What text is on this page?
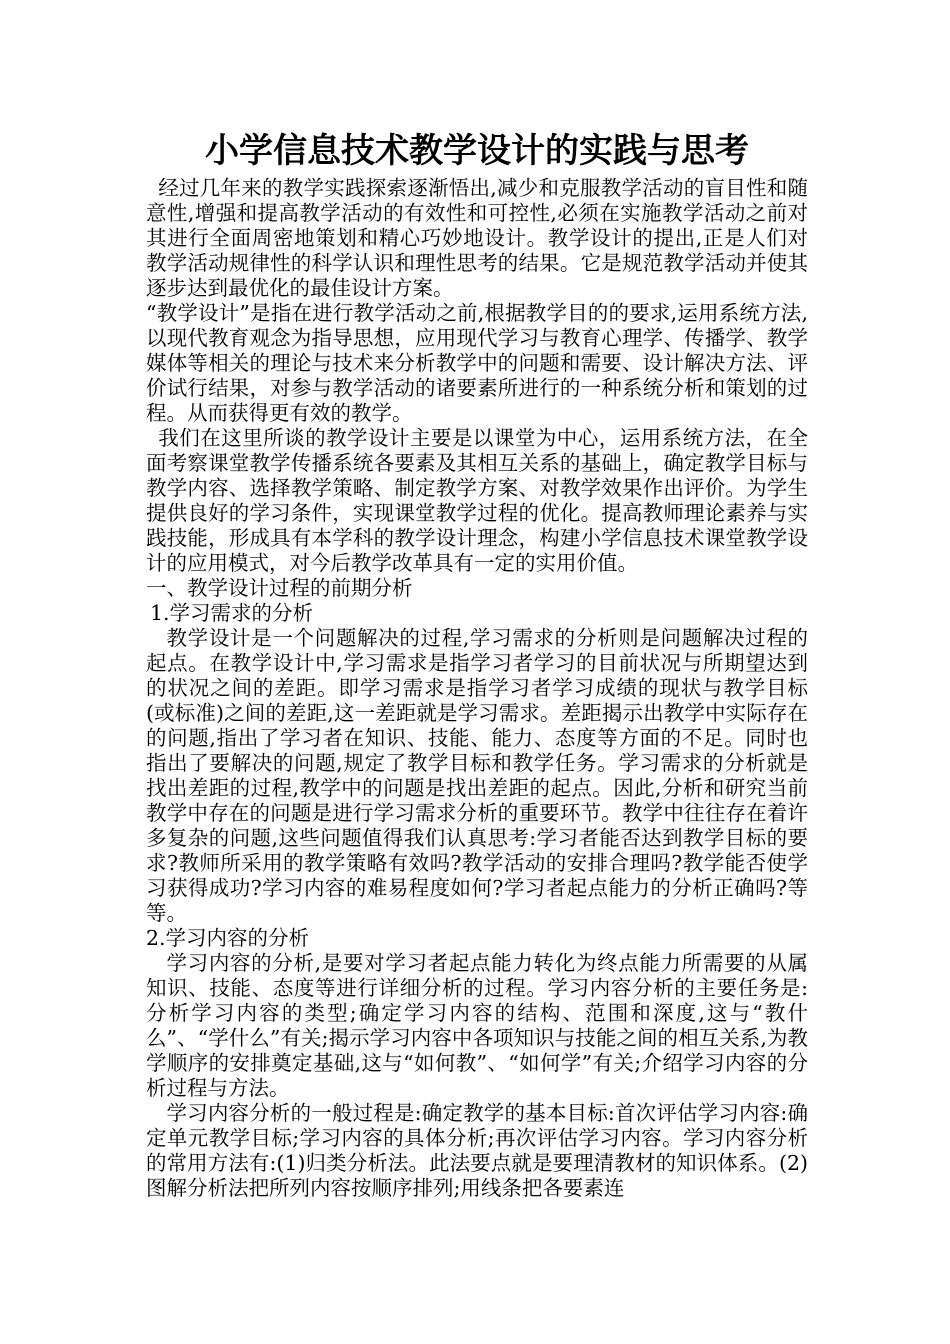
小学信息技术教学设计的实践与思考

经过几年来的教学实践探索逐渐悟出,减少和克服教学活动的盲目性和随意性,增强和提高教学活动的有效性和可控性,必须在实施教学活动之前对其进行全面周密地策划和精心巧妙地设计。教学设计的提出,正是人们对教学活动规律性的科学认识和理性思考的结果。它是规范教学活动并使其逐步达到最优化的最佳设计方案。

“教学设计”是指在进行教学活动之前,根据教学目的的要求,运用系统方法, 以现代教育观念为指导思想，应用现代学习与教育心理学、传播学、教学媒体等相关的理论与技术来分析教学中的问题和需要、设计解决方法、评价试行结果，对参与教学活动的诸要素所进行的一种系统分析和策划的过程。从而获得更有效的教学。

我们在这里所谈的教学设计主要是以课堂为中心，运用系统方法，在全面考察课堂教学传播系统各要素及其相互关系的基础上，确定教学目标与教学内容、选择教学策略、制定教学方案、对教学效果作出评价。为学生提供良好的学习条件，实现课堂教学过程的优化。提高教师理论素养与实践技能，形成具有本学科的教学设计理念，构建小学信息技术课堂教学设计的应用模式，对今后教学改革具有一定的实用价值。

一、教学设计过程的前期分析

1.学习需求的分析

教学设计是一个问题解决的过程,学习需求的分析则是问题解决过程的起点。在教学设计中,学习需求是指学习者学习的目前状况与所期望达到的状况之间的差距。即学习需求是指学习者学习成绩的现状与教学目标(或标准)之间的差距,这一差距就是学习需求。差距揭示出教学中实际存在的问题,指出了学习者在知识、技能、能力、态度等方面的不足。同时也指出了要解决的问题,规定了教学目标和教学任务。学习需求的分析就是找出差距的过程,教学中的问题是找出差距的起点。因此,分析和研究当前教学中存在的问题是进行学习需求分析的重要环节。教学中往往存在着许多复杂的问题,这些问题值得我们认真思考:学习者能否达到教学目标的要求?教师所采用的教学策略有效吗?教学活动的安排合理吗?教学能否使学习获得成功?学习内容的难易程度如何?学习者起点能力的分析正确吗?等等。

2.学习内容的分析

学习内容的分析,是要对学习者起点能力转化为终点能力所需要的从属知识、技能、态度等进行详细分析的过程。学习内容分析的主要任务是:分析学习内容的类型;确定学习内容的结构、范围和深度,这与“教什么”、“学什么”有关;揭示学习内容中各项知识与技能之间的相互关系,为教学顺序的安排奠定基础,这与“如何教”、“如何学”有关;介绍学习内容的分析过程与方法。

学习内容分析的一般过程是:确定教学的基本目标:首次评估学习内容:确定单元教学目标;学习内容的具体分析;再次评估学习内容。学习内容分析的常用方法有:(1)归类分析法。此法要点就是要理清教材的知识体系。(2)图解分析法把所列内容按顺序排列;用线条把各要素连
